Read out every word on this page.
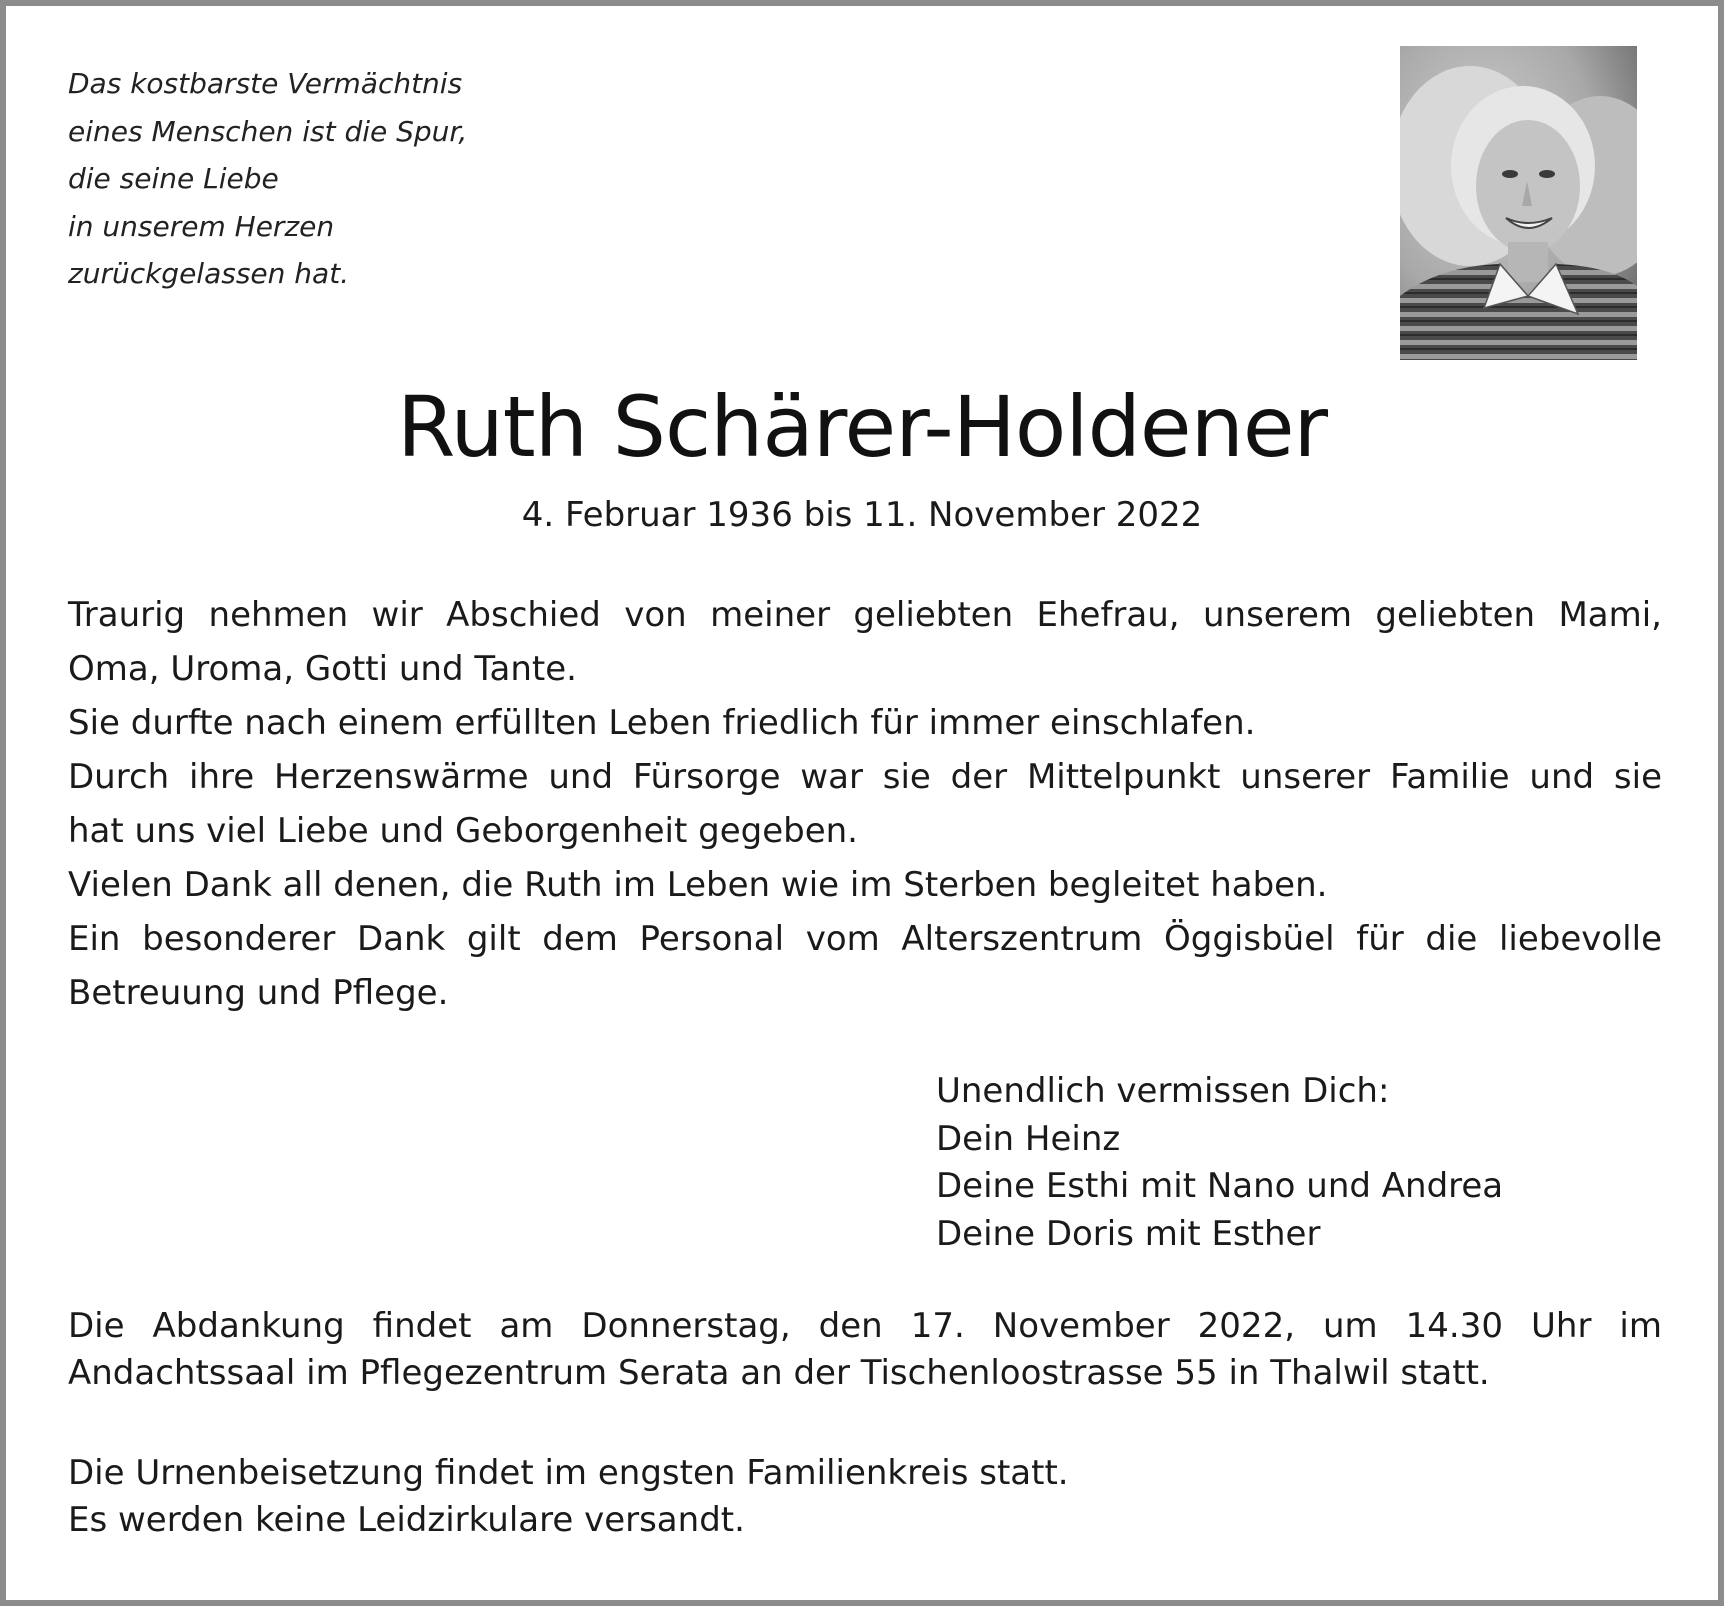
Das kostbarste Vermächtnis
eines Menschen ist die Spur,
die seine Liebe
in unserem Herzen
zurückgelassen hat.

Ruth Schärer-Holdener

4. Februar 1936 bis 11. November 2022

Traurig nehmen wir Abschied von meiner geliebten Ehefrau, unserem geliebten Mami,
Oma, Uroma, Gotti und Tante.
Sie durfte nach einem erfüllten Leben friedlich für immer einschlafen.
Durch ihre Herzenswärme und Fürsorge war sie der Mittelpunkt unserer Familie und sie
hat uns viel Liebe und Geborgenheit gegeben.
Vielen Dank all denen, die Ruth im Leben wie im Sterben begleitet haben.
Ein besonderer Dank gilt dem Personal vom Alterszentrum Öggisbüel für die liebevolle
Betreuung und Pflege.

Unendlich vermissen Dich:
Dein Heinz
Deine Esthi mit Nano und Andrea
Deine Doris mit Esther

Die Abdankung findet am Donnerstag, den 17. November 2022, um 14.30 Uhr im
Andachtssaal im Pflegezentrum Serata an der Tischenloostrasse 55 in Thalwil statt.

Die Urnenbeisetzung findet im engsten Familienkreis statt.
Es werden keine Leidzirkulare versandt.
